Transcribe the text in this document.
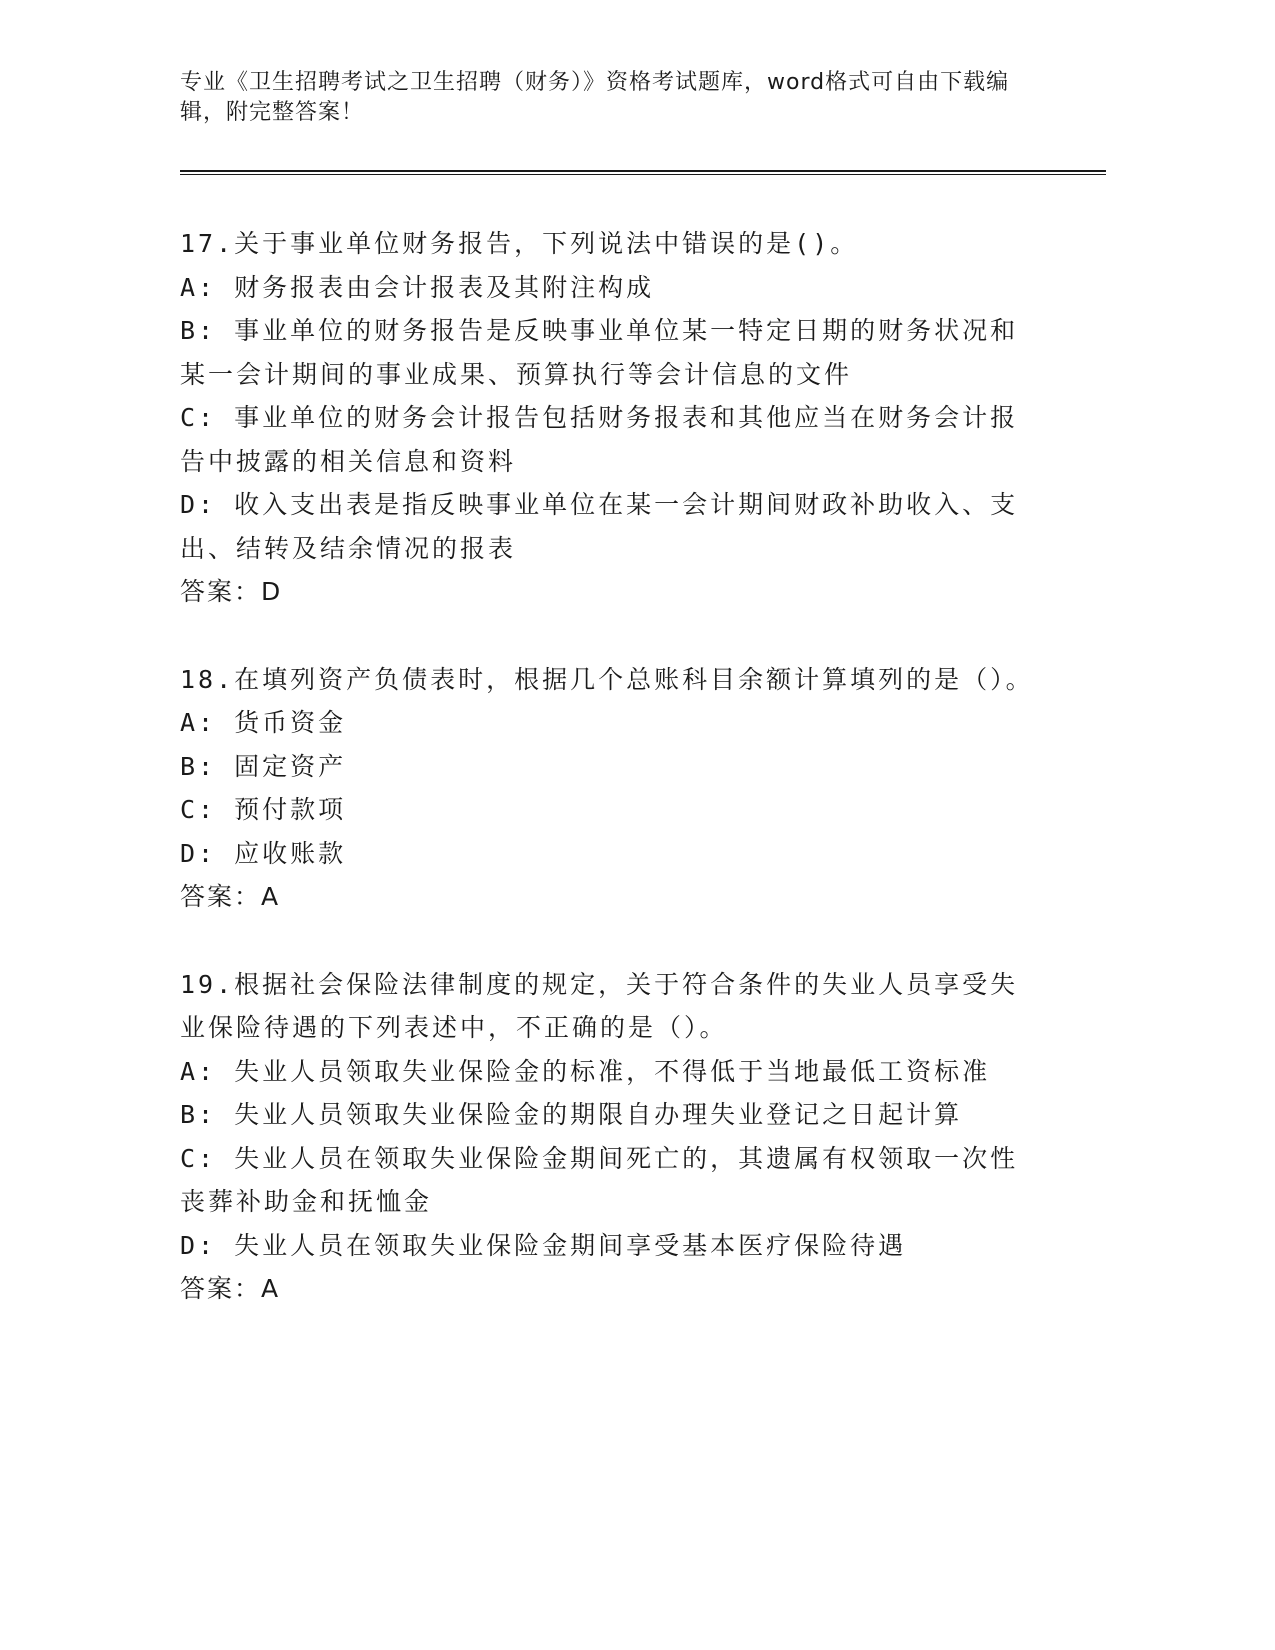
专业《卫生招聘考试之卫生招聘（财务）》资格考试题库，word格式可自由下载编辑，附完整答案！
17.关于事业单位财务报告，下列说法中错误的是()。
A: 财务报表由会计报表及其附注构成
B: 事业单位的财务报告是反映事业单位某一特定日期的财务状况和某一会计期间的事业成果、预算执行等会计信息的文件
C: 事业单位的财务会计报告包括财务报表和其他应当在财务会计报告中披露的相关信息和资料
D: 收入支出表是指反映事业单位在某一会计期间财政补助收入、支出、结转及结余情况的报表
答案：D
18.在填列资产负债表时，根据几个总账科目余额计算填列的是（）。
A: 货币资金
B: 固定资产
C: 预付款项
D: 应收账款
答案：A
19.根据社会保险法律制度的规定，关于符合条件的失业人员享受失业保险待遇的下列表述中，不正确的是（）。
A: 失业人员领取失业保险金的标准，不得低于当地最低工资标准
B: 失业人员领取失业保险金的期限自办理失业登记之日起计算
C: 失业人员在领取失业保险金期间死亡的，其遗属有权领取一次性丧葬补助金和抚恤金
D: 失业人员在领取失业保险金期间享受基本医疗保险待遇
答案：A
